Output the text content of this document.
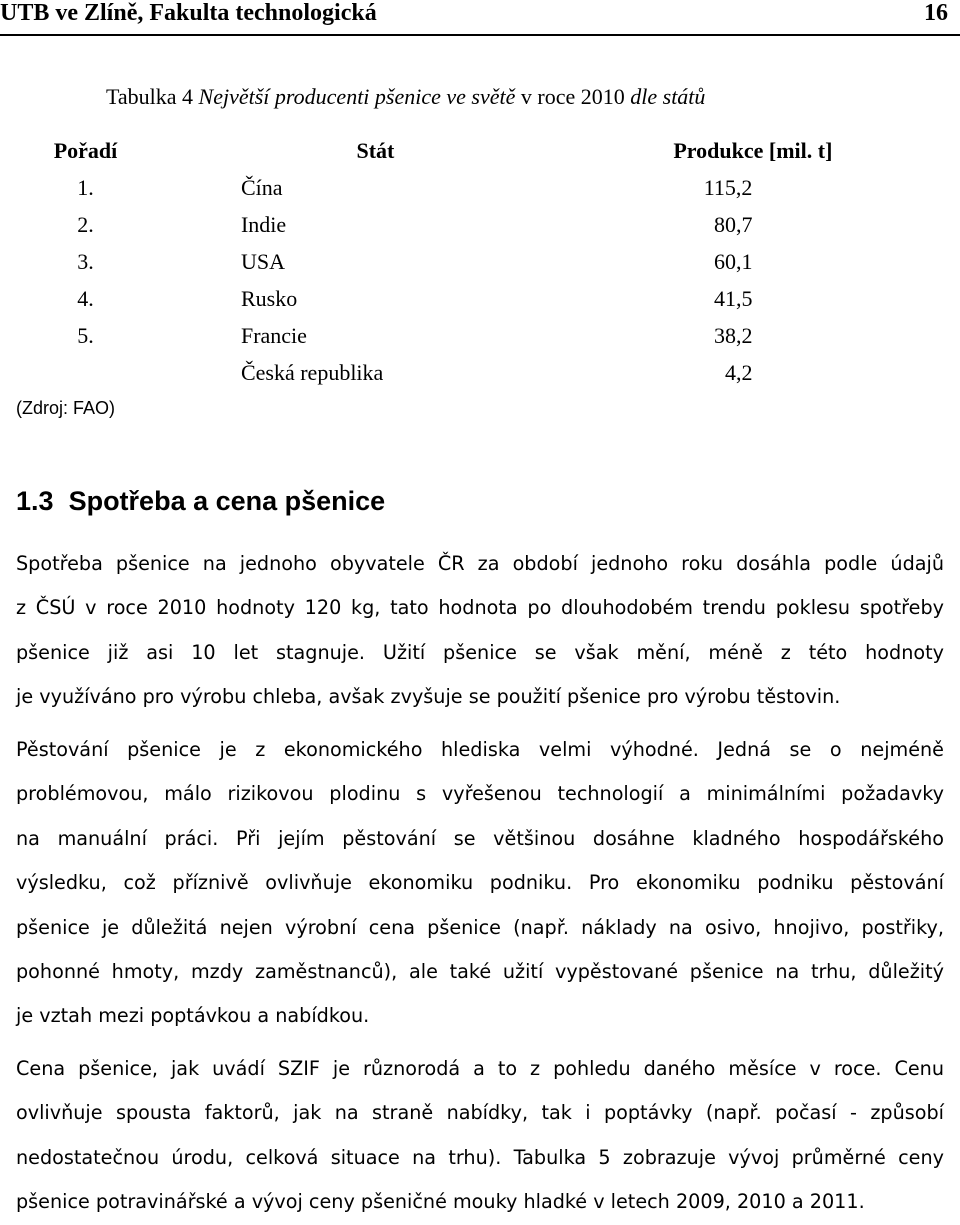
UTB ve Zlíně, Fakulta technologická	16
Tabulka 4 Největší producenti pšenice ve světě v roce 2010 dle států
Pořadí	Stát	Produkce [mil. t]	
1.	Čína	115,2	
2.	Indie	80,7	
3.	USA	60,1	
4.	Rusko	41,5	
5.	Francie	38,2	
	Česká republika	4,2	
(Zdroj: FAO)
1.3 Spotřeba a cena pšenice
Spotřeba pšenice na jednoho obyvatele ČR za období jednoho roku dosáhla podle údajů
z ČSÚ v roce 2010 hodnoty 120 kg, tato hodnota po dlouhodobém trendu poklesu spotřeby
pšenice již asi 10 let stagnuje. Užití pšenice se však mění, méně z této hodnoty
je využíváno pro výrobu chleba, avšak zvyšuje se použití pšenice pro výrobu těstovin.
Pěstování pšenice je z ekonomického hlediska velmi výhodné. Jedná se o nejméně
problémovou, málo rizikovou plodinu s vyřešenou technologií a minimálními požadavky
na manuální práci. Při jejím pěstování se většinou dosáhne kladného hospodářského
výsledku, což příznivě ovlivňuje ekonomiku podniku. Pro ekonomiku podniku pěstování
pšenice je důležitá nejen výrobní cena pšenice (např. náklady na osivo, hnojivo, postřiky,
pohonné hmoty, mzdy zaměstnanců), ale také užití vypěstované pšenice na trhu, důležitý
je vztah mezi poptávkou a nabídkou.
Cena pšenice, jak uvádí SZIF je různorodá a to z pohledu daného měsíce v roce. Cenu
ovlivňuje spousta faktorů, jak na straně nabídky, tak i poptávky (např. počasí - způsobí
nedostatečnou úrodu, celková situace na trhu). Tabulka 5 zobrazuje vývoj průměrné ceny
pšenice potravinářské a vývoj ceny pšeničné mouky hladké v letech 2009, 2010 a 2011.
